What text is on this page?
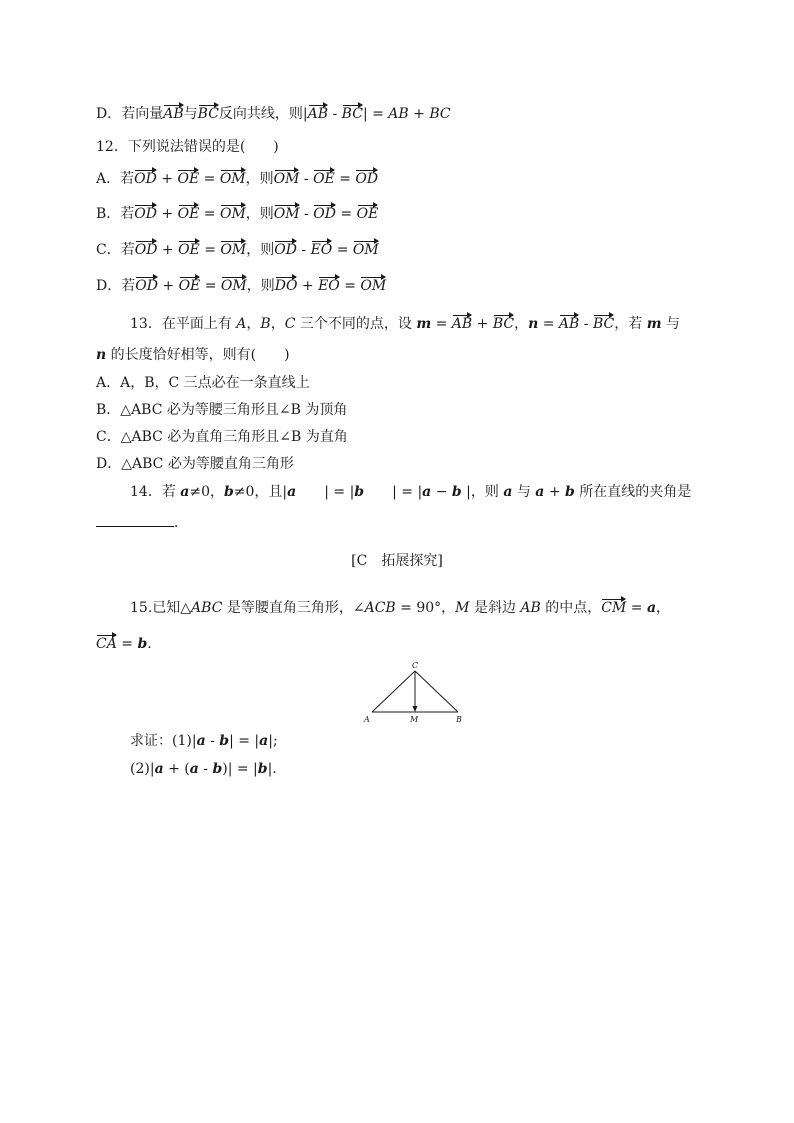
D．若向量AB与BC反向共线，则|AB - BC| = AB + BC
12．下列说法错误的是(　　)
A．若OD + OE = OM，则OM - OE = OD
B．若OD + OE = OM，则OM - OD = OE
C．若OD + OE = OM，则OD - EO = OM
D．若OD + OE = OM，则DO + EO = OM
13．在平面上有 A，B，C 三个不同的点，设 m = AB + BC，n = AB - BC，若 m 与
n 的长度恰好相等，则有(　　)
A．A，B，C 三点必在一条直线上
B．△ABC 必为等腰三角形且∠B 为顶角
C．△ABC 必为直角三角形且∠B 为直角
D．△ABC 必为等腰直角三角形
14．若 a≠0，b≠0，且|a　　| = |b　　| = |a − b |，则 a 与 a + b 所在直线的夹角是
．
[C　拓展探究]
15.已知△ABC 是等腰直角三角形，∠ACB = 90°，M 是斜边 AB 的中点，CM = a，
CA = b.
C
A	M	B
求证：(1)|a - b| = |a|;
(2)|a + (a - b)| = |b|.
